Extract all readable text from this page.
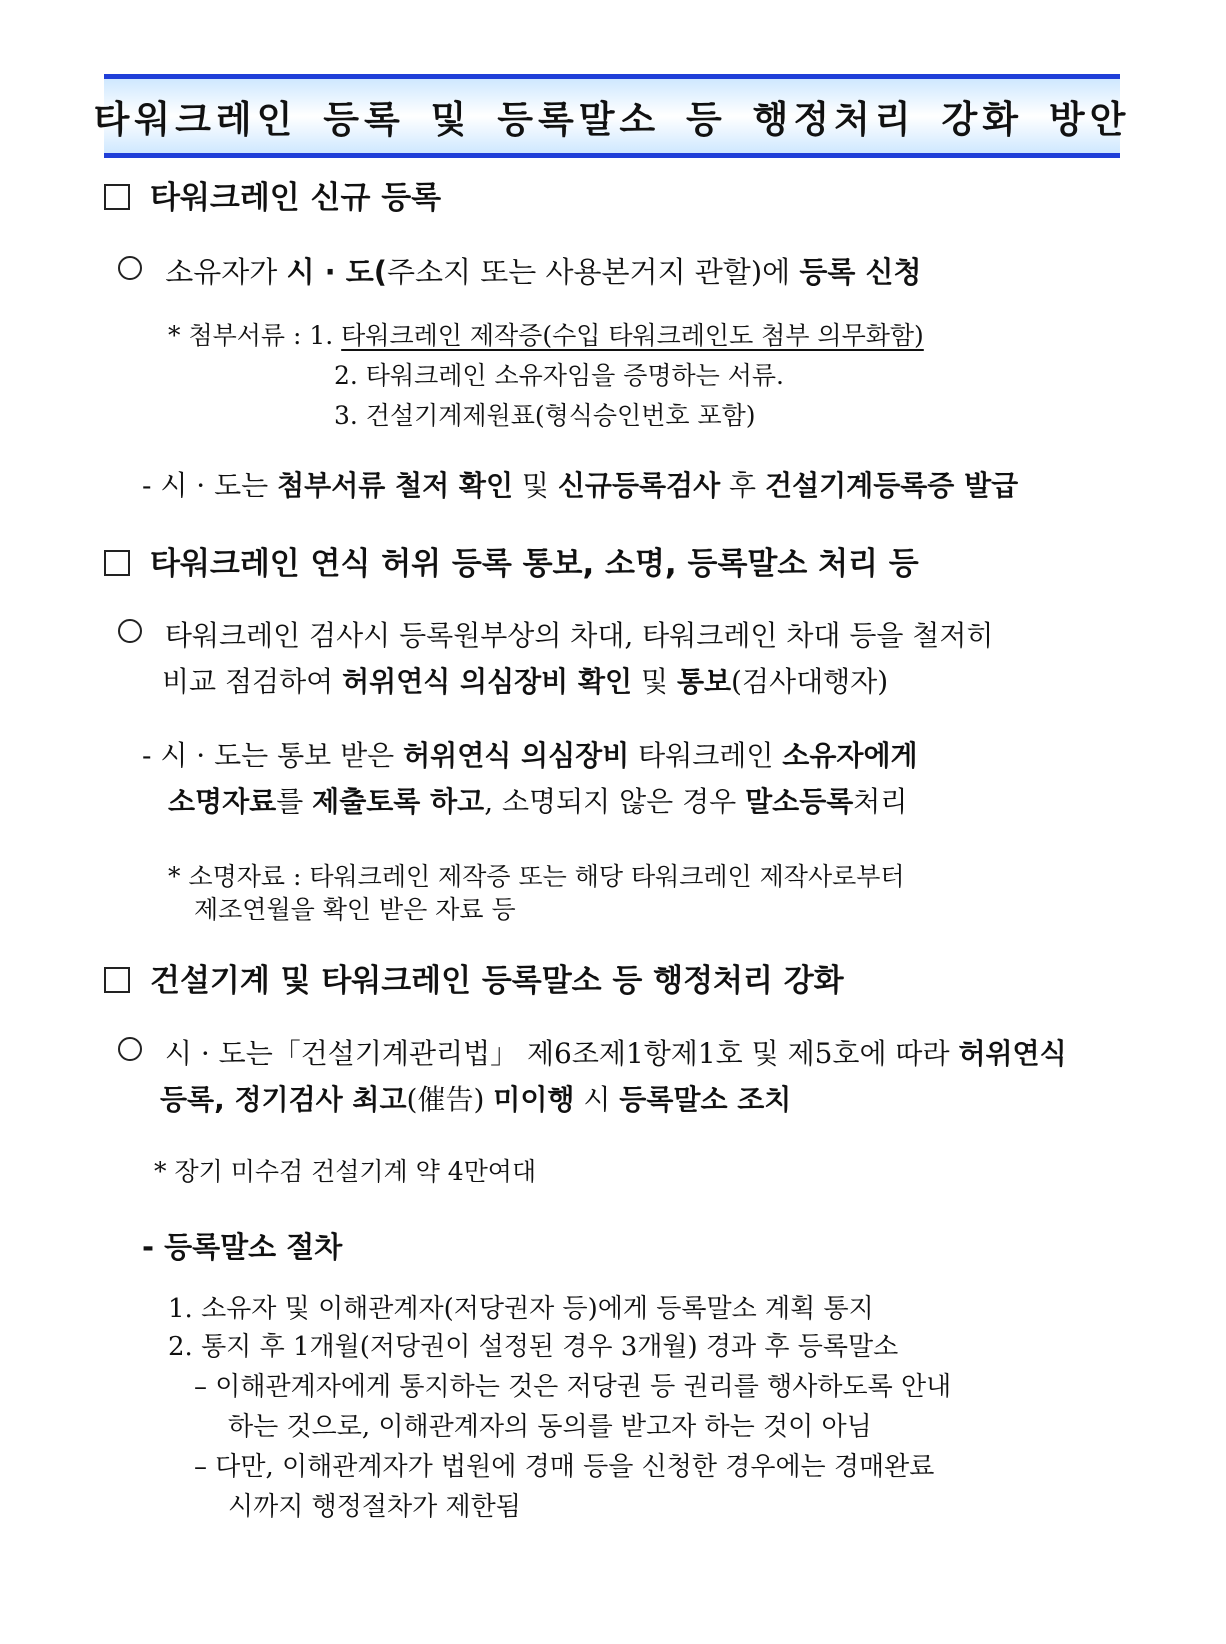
타워크레인 등록 및 등록말소 등 행정처리 강화 방안
타워크레인 신규 등록
소유자가 시 · 도(주소지 또는 사용본거지 관할)에 등록 신청
* 첨부서류 : 1. 타워크레인 제작증(수입 타워크레인도 첨부 의무화함)
2. 타워크레인 소유자임을 증명하는 서류.
3. 건설기계제원표(형식승인번호 포함)
- 시 · 도는 첨부서류 철저 확인 및 신규등록검사 후 건설기계등록증 발급
타워크레인 연식 허위 등록 통보, 소명, 등록말소 처리 등
타워크레인 검사시 등록원부상의 차대, 타워크레인 차대 등을 철저히
비교 점검하여 허위연식 의심장비 확인 및 통보(검사대행자)
- 시 · 도는 통보 받은 허위연식 의심장비 타워크레인 소유자에게
소명자료를 제출토록 하고, 소명되지 않은 경우 말소등록처리
* 소명자료 : 타워크레인 제작증 또는 해당 타워크레인 제작사로부터
제조연월을 확인 받은 자료 등
건설기계 및 타워크레인 등록말소 등 행정처리 강화
시 · 도는「건설기계관리법」 제6조제1항제1호 및 제5호에 따라 허위연식
등록, 정기검사 최고(催告) 미이행 시 등록말소 조치
* 장기 미수검 건설기계 약 4만여대
- 등록말소 절차
1. 소유자 및 이해관계자(저당권자 등)에게 등록말소 계획 통지
2. 통지 후 1개월(저당권이 설정된 경우 3개월) 경과 후 등록말소
– 이해관계자에게 통지하는 것은 저당권 등 권리를 행사하도록 안내
하는 것으로, 이해관계자의 동의를 받고자 하는 것이 아님
– 다만, 이해관계자가 법원에 경매 등을 신청한 경우에는 경매완료
시까지 행정절차가 제한됨
